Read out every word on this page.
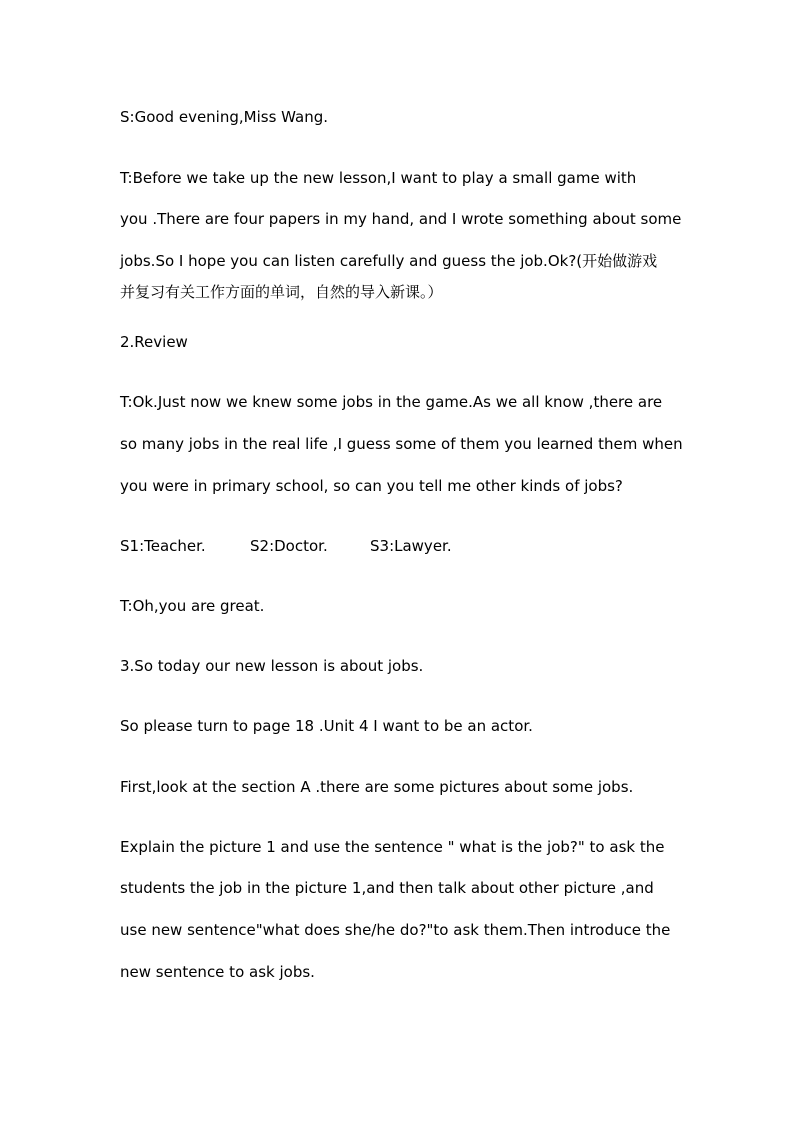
S:Good evening,Miss Wang.
T:Before we take up the new lesson,I want to play a small game with
you .There are four papers in my hand, and I wrote something about some
jobs.So I hope you can listen carefully and guess the job.Ok?(开始做游戏
并复习有关工作方面的单词，自然的导入新课。）
2.Review
T:Ok.Just now we knew some jobs in the game.As we all know ,there are
so many jobs in the real life ,I guess some of them you learned them when
you were in primary school, so can you tell me other kinds of jobs?
S1:Teacher.	S2:Doctor.	S3:Lawyer.
T:Oh,you are great.
3.So today our new lesson is about jobs.
So please turn to page 18 .Unit 4 I want to be an actor.
First,look at the section A .there are some pictures about some jobs.
Explain the picture 1 and use the sentence " what is the job?" to ask the
students the job in the picture 1,and then talk about other picture ,and
use new sentence"what does she/he do?"to ask them.Then introduce the
new sentence to ask jobs.
